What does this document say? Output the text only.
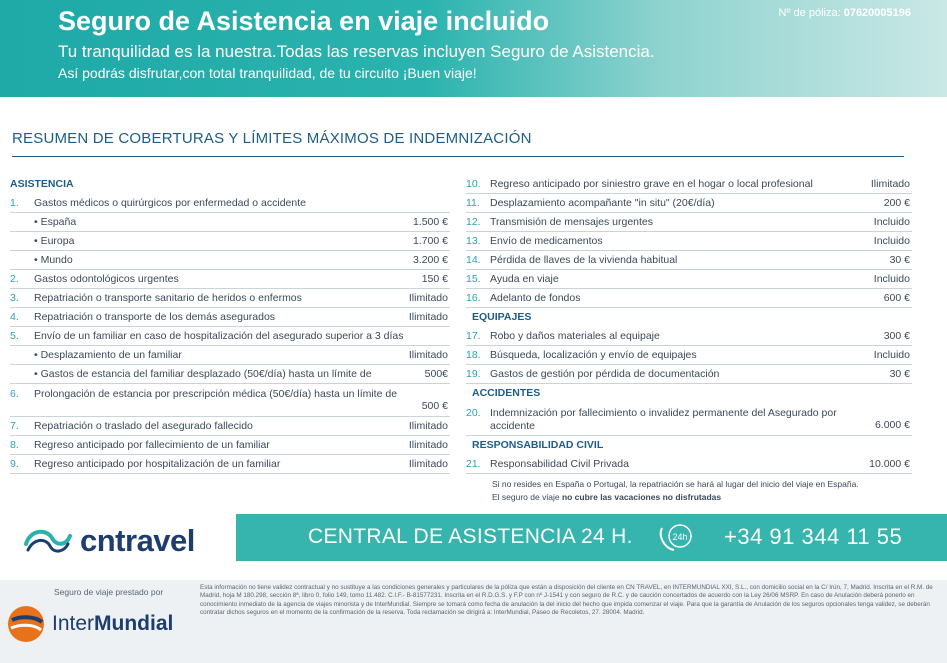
Seguro de Asistencia en viaje incluido
Tu tranquilidad es la nuestra.Todas las reservas incluyen Seguro de Asistencia.
Así podrás disfrutar,con total tranquilidad, de tu circuito ¡Buen viaje!
Nº de póliza: 07620005196
RESUMEN DE COBERTURAS Y LÍMITES MÁXIMOS DE INDEMNIZACIÓN
ASISTENCIA
1.	Gastos médicos o quirúrgicos por enfermedad o accidente
• España	1.500 €
• Europa	1.700 €
• Mundo	3.200 €
2.	Gastos odontológicos urgentes	150 €
3.	Repatriación o transporte sanitario de heridos o enfermos	Ilimitado
4.	Repatriación o transporte de los demás asegurados	Ilimitado
5.	Envío de un familiar en caso de hospitalización del asegurado superior a 3 días
• Desplazamiento de un familiar	Ilimitado
• Gastos de estancia del familiar desplazado (50€/día) hasta un límite de	500€
6.	Prolongación de estancia por prescripción médica (50€/día) hasta un límite de
500 €
7.	Repatriación o traslado del asegurado fallecido	Ilimitado
8.	Regreso anticipado por fallecimiento de un familiar	Ilimitado
9.	Regreso anticipado por hospitalización de un familiar	Ilimitado
10. Regreso anticipado por siniestro grave en el hogar o local profesional	Ilimitado
11. Desplazamiento acompañante "in situ" (20€/día)	200 €
12. Transmisión de mensajes urgentes	Incluido
13. Envío de medicamentos	Incluido
14. Pérdida de llaves de la vivienda habitual	30 €
15. Ayuda en viaje	Incluido
16. Adelanto de fondos	600 €
EQUIPAJES
17. Robo y daños materiales al equipaje	300 €
18. Búsqueda, localización y envío de equipajes	Incluido
19. Gastos de gestión por pérdida de documentación	30 €
ACCIDENTES
20. Indemnización por fallecimiento o invalidez permanente del Asegurado por accidente	6.000 €
RESPONSABILIDAD CIVIL
21. Responsabilidad Civil Privada	10.000 €
Si no resides en España o Portugal, la repatriación se hará al lugar del inicio del viaje en España.
El seguro de viaje no cubre las vacaciones no disfrutadas
cntravel	CENTRAL DE ASISTENCIA 24 H.	24h +34 91 344 11 55
Seguro de viaje prestado por
InterMundial
Esta información no tiene validez contractual y no sustituye a las condiciones generales y particulares de la póliza que están a disposición del cliente en CN TRAVEL, en INTERMUNDIAL XXI, S.L., con domicilio social en la C/ Irún, 7, Madrid. Inscrita en el R.M. de Madrid, hoja M 180.298, sección 8ª, libro 0, folio 149, tomo 11.482. C.I.F.- B-81577231. Inscrita en el R.D.G.S. y F.P con nº J-1541 y con seguro de R.C. y de caución concertados de acuerdo con la Ley 26/06 MSRP. En caso de Anulación deberá ponerlo en conocimiento inmediato de la agencia de viajes minorista y de InterMundial. Siempre se tomará como fecha de anulación la del inicio del hecho que impida comenzar el viaje. Para que la garantía de Anulación de los seguros opcionales tenga validez, se deberán contratar dichos seguros en el momento de la confirmación de la reserva. Toda reclamación se dirigirá a: InterMundial, Paseo de Recoletos, 27. 28004. Madrid.
